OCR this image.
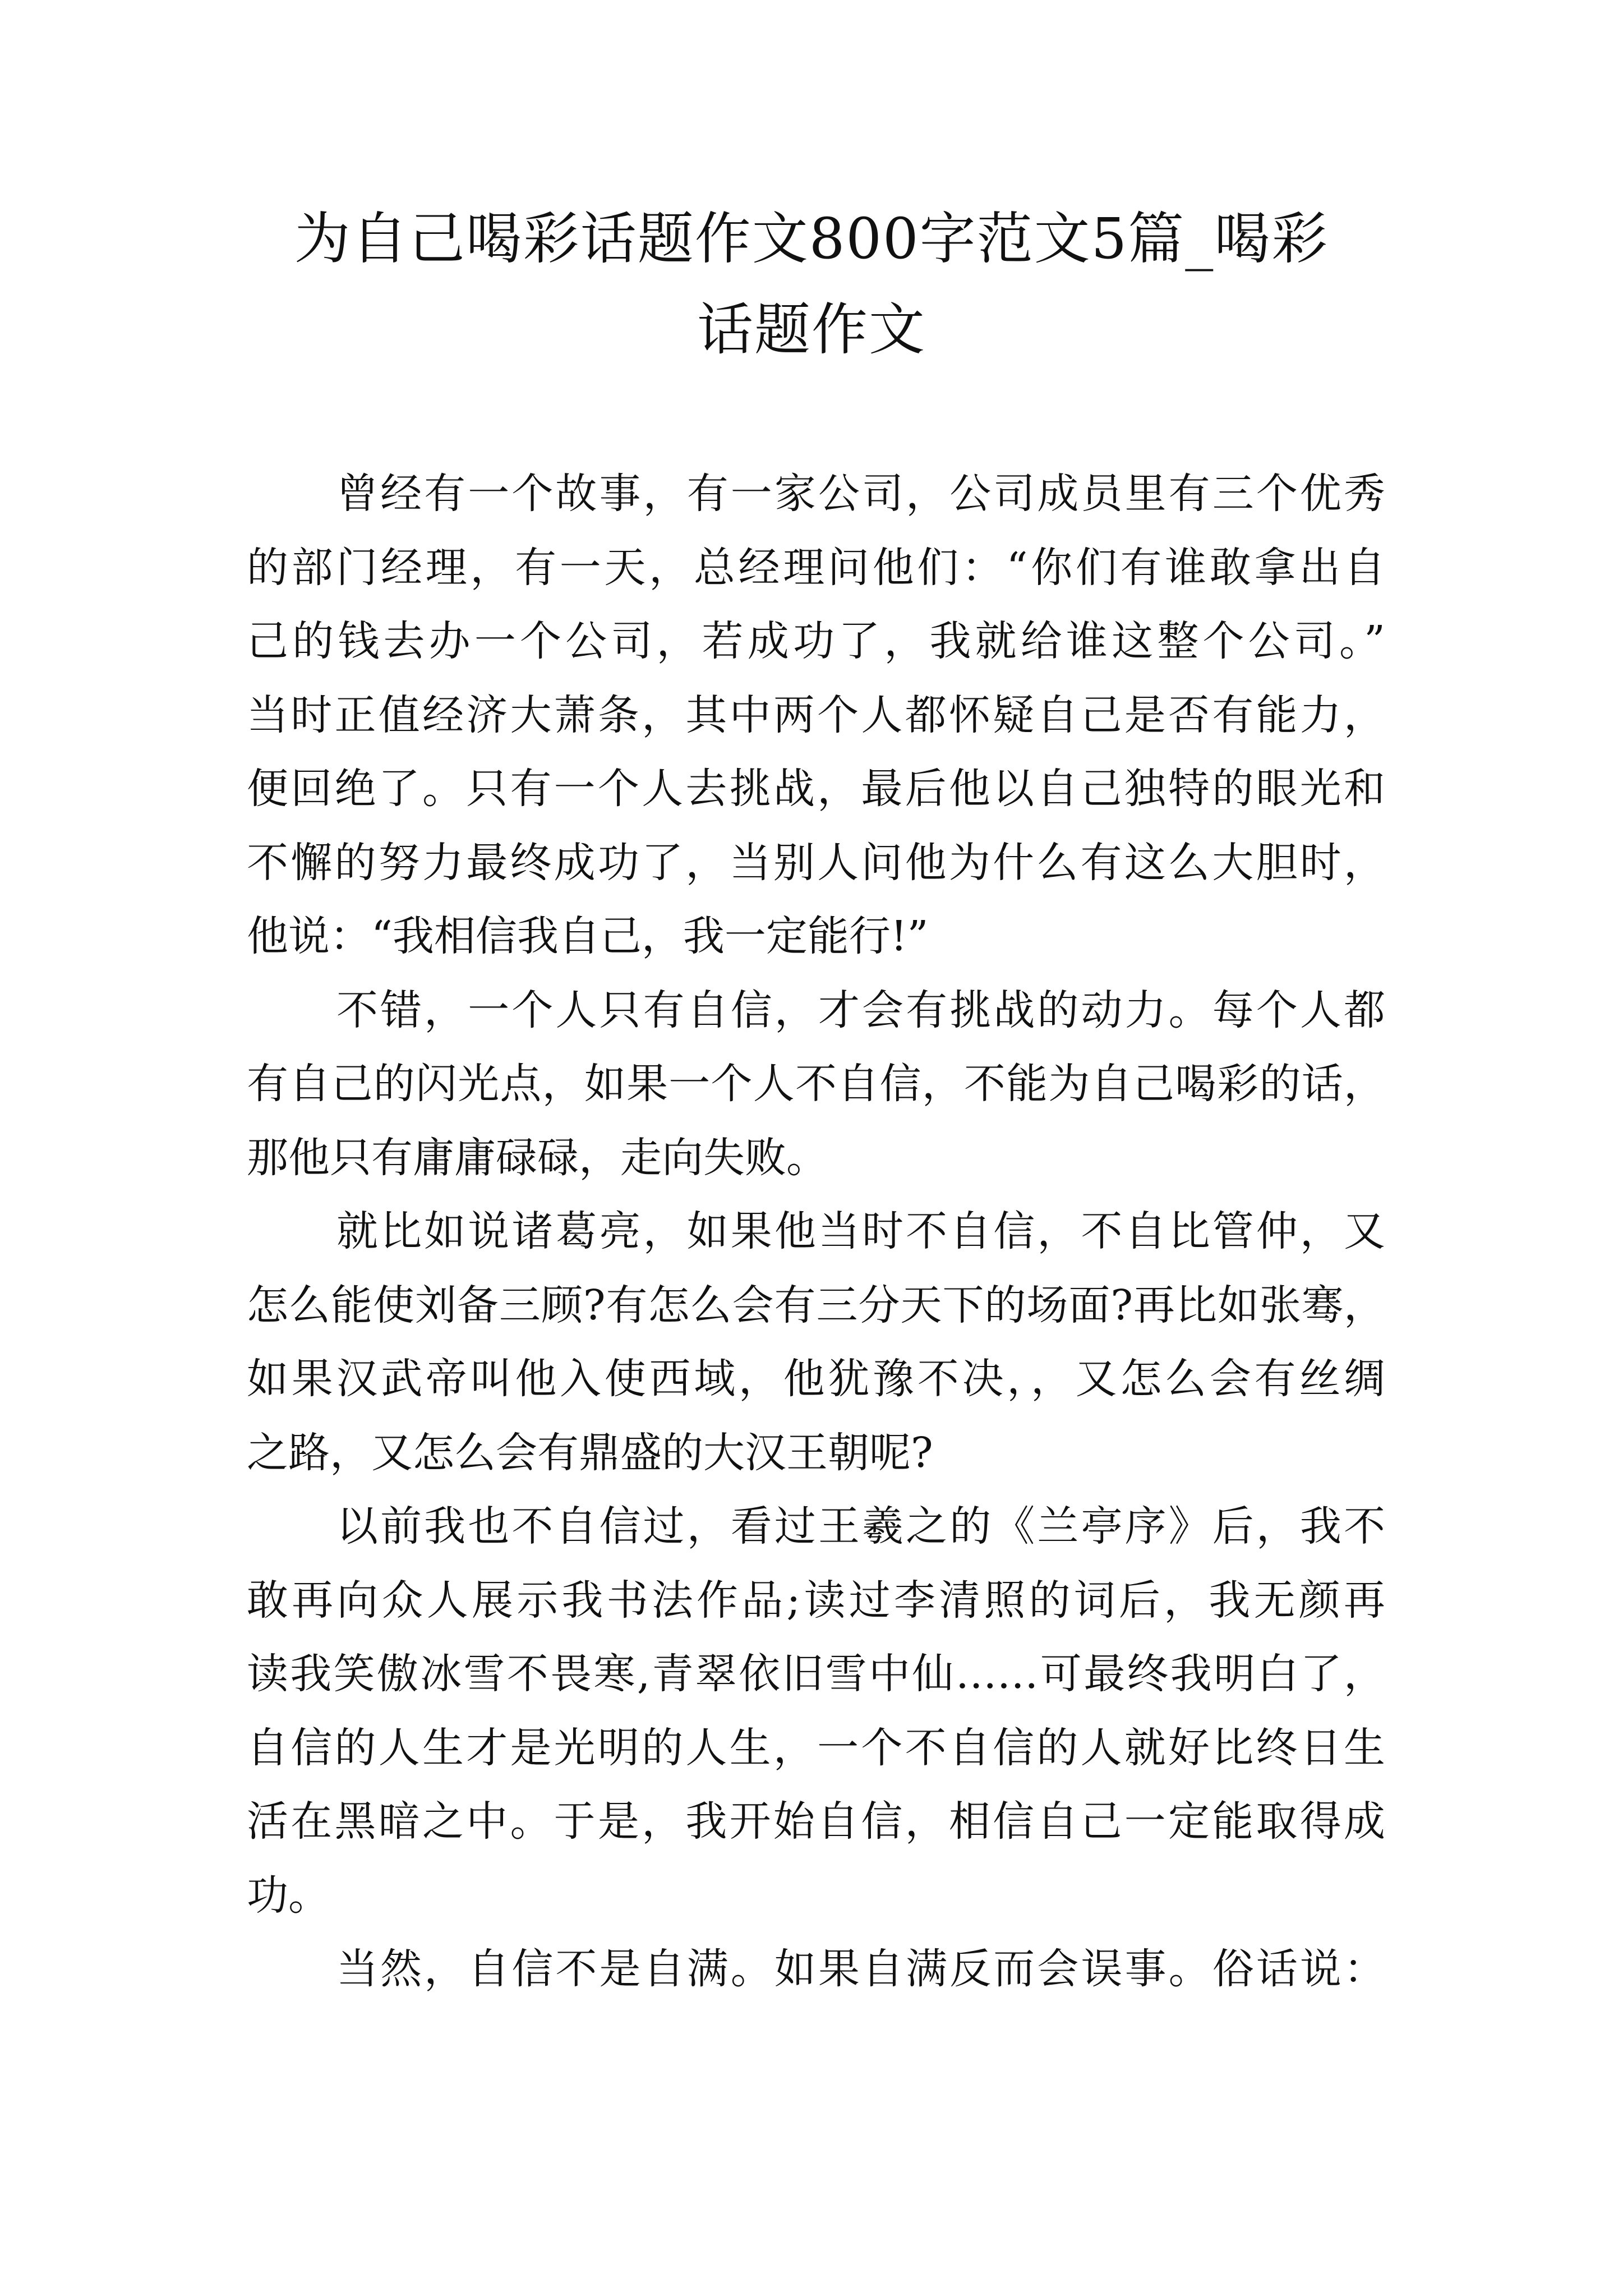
为自己喝彩话题作文800字范文5篇_喝彩
话题作文
曾经有一个故事，有一家公司，公司成员里有三个优秀
的部门经理，有一天，总经理问他们：“你们有谁敢拿出自
己的钱去办一个公司，若成功了，我就给谁这整个公司。”
当时正值经济大萧条，其中两个人都怀疑自己是否有能力，
便回绝了。只有一个人去挑战，最后他以自己独特的眼光和
不懈的努力最终成功了，当别人问他为什么有这么大胆时，
他说：“我相信我自己，我一定能行!”
不错，一个人只有自信，才会有挑战的动力。每个人都
有自己的闪光点，如果一个人不自信，不能为自己喝彩的话，
那他只有庸庸碌碌，走向失败。
就比如说诸葛亮，如果他当时不自信，不自比管仲，又
怎么能使刘备三顾?有怎么会有三分天下的场面?再比如张骞，
如果汉武帝叫他入使西域，他犹豫不决，，又怎么会有丝绸
之路，又怎么会有鼎盛的大汉王朝呢?
以前我也不自信过，看过王羲之的《兰亭序》后，我不
敢再向众人展示我书法作品;读过李清照的词后，我无颜再
读我笑傲冰雪不畏寒,青翠依旧雪中仙……可最终我明白了，
自信的人生才是光明的人生，一个不自信的人就好比终日生
活在黑暗之中。于是，我开始自信，相信自己一定能取得成
功。
当然，自信不是自满。如果自满反而会误事。俗话说：
